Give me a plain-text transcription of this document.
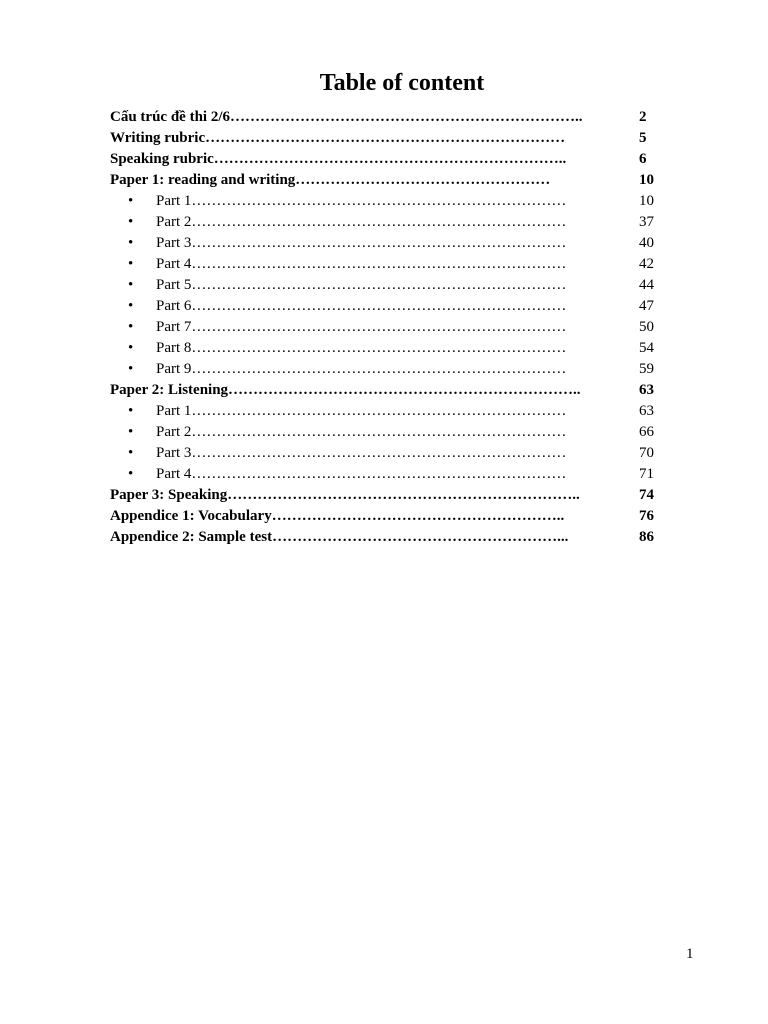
Table of content
Cấu trúc đề thi 2/6……………………………………………………………..	2
Writing rubric………………………………………………………………	5
Speaking rubric……………………………………………………………..	6
Paper 1: reading and writing……………………………………………	10
• Part 1…………………………………………………………………	10
• Part 2…………………………………………………………………	37
• Part 3…………………………………………………………………	40
• Part 4…………………………………………………………………	42
• Part 5…………………………………………………………………	44
• Part 6…………………………………………………………………	47
• Part 7…………………………………………………………………	50
• Part 8…………………………………………………………………	54
• Part 9…………………………………………………………………	59
Paper 2: Listening……………………………………………………………..	63
• Part 1…………………………………………………………………	63
• Part 2…………………………………………………………………	66
• Part 3…………………………………………………………………	70
• Part 4…………………………………………………………………	71
Paper 3: Speaking……………………………………………………………..	74
Appendice 1: Vocabulary…………………………………………………..	76
Appendice 2: Sample test…………………………………………………...	86
1
